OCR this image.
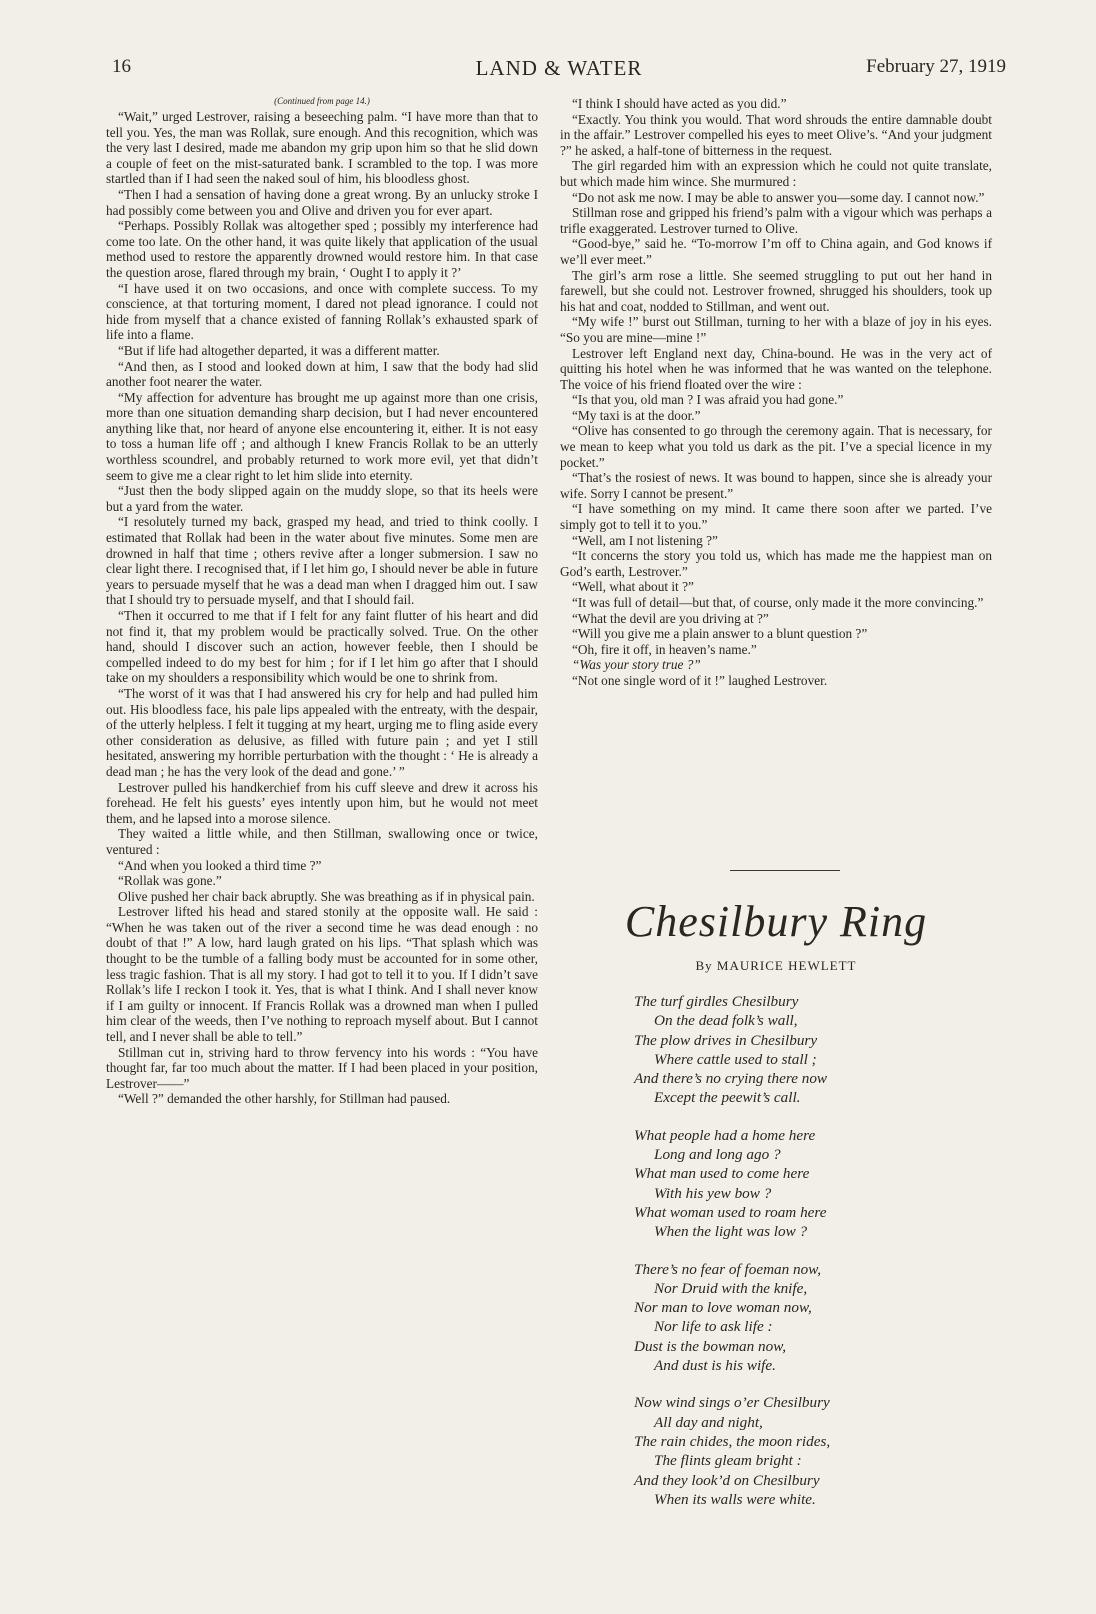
16	LAND & WATER	February 27, 1919
(Continued from page 14.)

“Wait,” urged Lestrover, raising a beseeching palm. “I have more than that to tell you. Yes, the man was Rollak, sure enough. And this recognition, which was the very last I desired, made me abandon my grip upon him so that he slid down a couple of feet on the mist-saturated bank. I scrambled to the top. I was more startled than if I had seen the naked soul of him, his bloodless ghost.

“Then I had a sensation of having done a great wrong. By an unlucky stroke I had possibly come between you and Olive and driven you for ever apart.

“Perhaps. Possibly Rollak was altogether sped ; possibly my interference had come too late. On the other hand, it was quite likely that application of the usual method used to restore the apparently drowned would restore him. In that case the question arose, flared through my brain, ‘ Ought I to apply it ?’

“I have used it on two occasions, and once with complete success. To my conscience, at that torturing moment, I dared not plead ignorance. I could not hide from myself that a chance existed of fanning Rollak’s exhausted spark of life into a flame.

“But if life had altogether departed, it was a different matter.

“And then, as I stood and looked down at him, I saw that the body had slid another foot nearer the water.

“My affection for adventure has brought me up against more than one crisis, more than one situation demanding sharp decision, but I had never encountered anything like that, nor heard of anyone else encountering it, either. It is not easy to toss a human life off ; and although I knew Francis Rollak to be an utterly worthless scoundrel, and probably returned to work more evil, yet that didn’t seem to give me a clear right to let him slide into eternity.

“Just then the body slipped again on the muddy slope, so that its heels were but a yard from the water.

“I resolutely turned my back, grasped my head, and tried to think coolly. I estimated that Rollak had been in the water about five minutes. Some men are drowned in half that time ; others revive after a longer submersion. I saw no clear light there. I recognised that, if I let him go, I should never be able in future years to persuade myself that he was a dead man when I dragged him out. I saw that I should try to persuade myself, and that I should fail.

“Then it occurred to me that if I felt for any faint flutter of his heart and did not find it, that my problem would be practically solved. True. On the other hand, should I discover such an action, however feeble, then I should be compelled indeed to do my best for him ; for if I let him go after that I should take on my shoulders a responsibility which would be one to shrink from.

“The worst of it was that I had answered his cry for help and had pulled him out. His bloodless face, his pale lips appealed with the entreaty, with the despair, of the utterly helpless. I felt it tugging at my heart, urging me to fling aside every other consideration as delusive, as filled with future pain ; and yet I still hesitated, answering my horrible perturbation with the thought : ‘ He is already a dead man ; he has the very look of the dead and gone.’ ”

Lestrover pulled his handkerchief from his cuff sleeve and drew it across his forehead. He felt his guests’ eyes intently upon him, but he would not meet them, and he lapsed into a morose silence.

They waited a little while, and then Stillman, swallowing once or twice, ventured :

“And when you looked a third time ?”

“Rollak was gone.”

Olive pushed her chair back abruptly. She was breathing as if in physical pain.

Lestrover lifted his head and stared stonily at the opposite wall. He said : “When he was taken out of the river a second time he was dead enough : no doubt of that !” A low, hard laugh grated on his lips. “That splash which was thought to be the tumble of a falling body must be accounted for in some other, less tragic fashion. That is all my story. I had got to tell it to you. If I didn’t save Rollak’s life I reckon I took it. Yes, that is what I think. And I shall never know if I am guilty or innocent. If Francis Rollak was a drowned man when I pulled him clear of the weeds, then I’ve nothing to reproach myself about. But I cannot tell, and I never shall be able to tell.”

Stillman cut in, striving hard to throw fervency into his words : “You have thought far, far too much about the matter. If I had been placed in your position, Lestrover——”

“Well ?” demanded the other harshly, for Stillman had paused.

“I think I should have acted as you did.”

“Exactly. You think you would. That word shrouds the entire damnable doubt in the affair.” Lestrover compelled his eyes to meet Olive’s. “And your judgment ?” he asked, a half-tone of bitterness in the request.

The girl regarded him with an expression which he could not quite translate, but which made him wince. She murmured :

“Do not ask me now. I may be able to answer you—some day. I cannot now.”

Stillman rose and gripped his friend’s palm with a vigour which was perhaps a trifle exaggerated. Lestrover turned to Olive.

“Good-bye,” said he. “To-morrow I’m off to China again, and God knows if we’ll ever meet.”

The girl’s arm rose a little. She seemed struggling to put out her hand in farewell, but she could not. Lestrover frowned, shrugged his shoulders, took up his hat and coat, nodded to Stillman, and went out.

“My wife !” burst out Stillman, turning to her with a blaze of joy in his eyes. “So you are mine—mine !”

Lestrover left England next day, China-bound. He was in the very act of quitting his hotel when he was informed that he was wanted on the telephone. The voice of his friend floated over the wire :

“Is that you, old man ? I was afraid you had gone.”

“My taxi is at the door.”

“Olive has consented to go through the ceremony again. That is necessary, for we mean to keep what you told us dark as the pit. I’ve a special licence in my pocket.”

“That’s the rosiest of news. It was bound to happen, since she is already your wife. Sorry I cannot be present.”

“I have something on my mind. It came there soon after we parted. I’ve simply got to tell it to you.”

“Well, am I not listening ?”

“It concerns the story you told us, which has made me the happiest man on God’s earth, Lestrover.”

“Well, what about it ?”

“It was full of detail—but that, of course, only made it the more convincing.”

“What the devil are you driving at ?”

“Will you give me a plain answer to a blunt question ?”

“Oh, fire it off, in heaven’s name.”

“Was your story true ?”

“Not one single word of it !” laughed Lestrover.

Chesilbury Ring
By MAURICE HEWLETT
The turf girdles Chesilbury
On the dead folk’s wall,
The plow drives in Chesilbury
Where cattle used to stall ;
And there’s no crying there now
Except the peewit’s call.
What people had a home here
Long and long ago ?
What man used to come here
With his yew bow ?
What woman used to roam here
When the light was low ?
There’s no fear of foeman now,
Nor Druid with the knife,
Nor man to love woman now,
Nor life to ask life :
Dust is the bowman now,
And dust is his wife.
Now wind sings o’er Chesilbury
All day and night,
The rain chides, the moon rides,
The flints gleam bright :
And they look’d on Chesilbury
When its walls were white.
